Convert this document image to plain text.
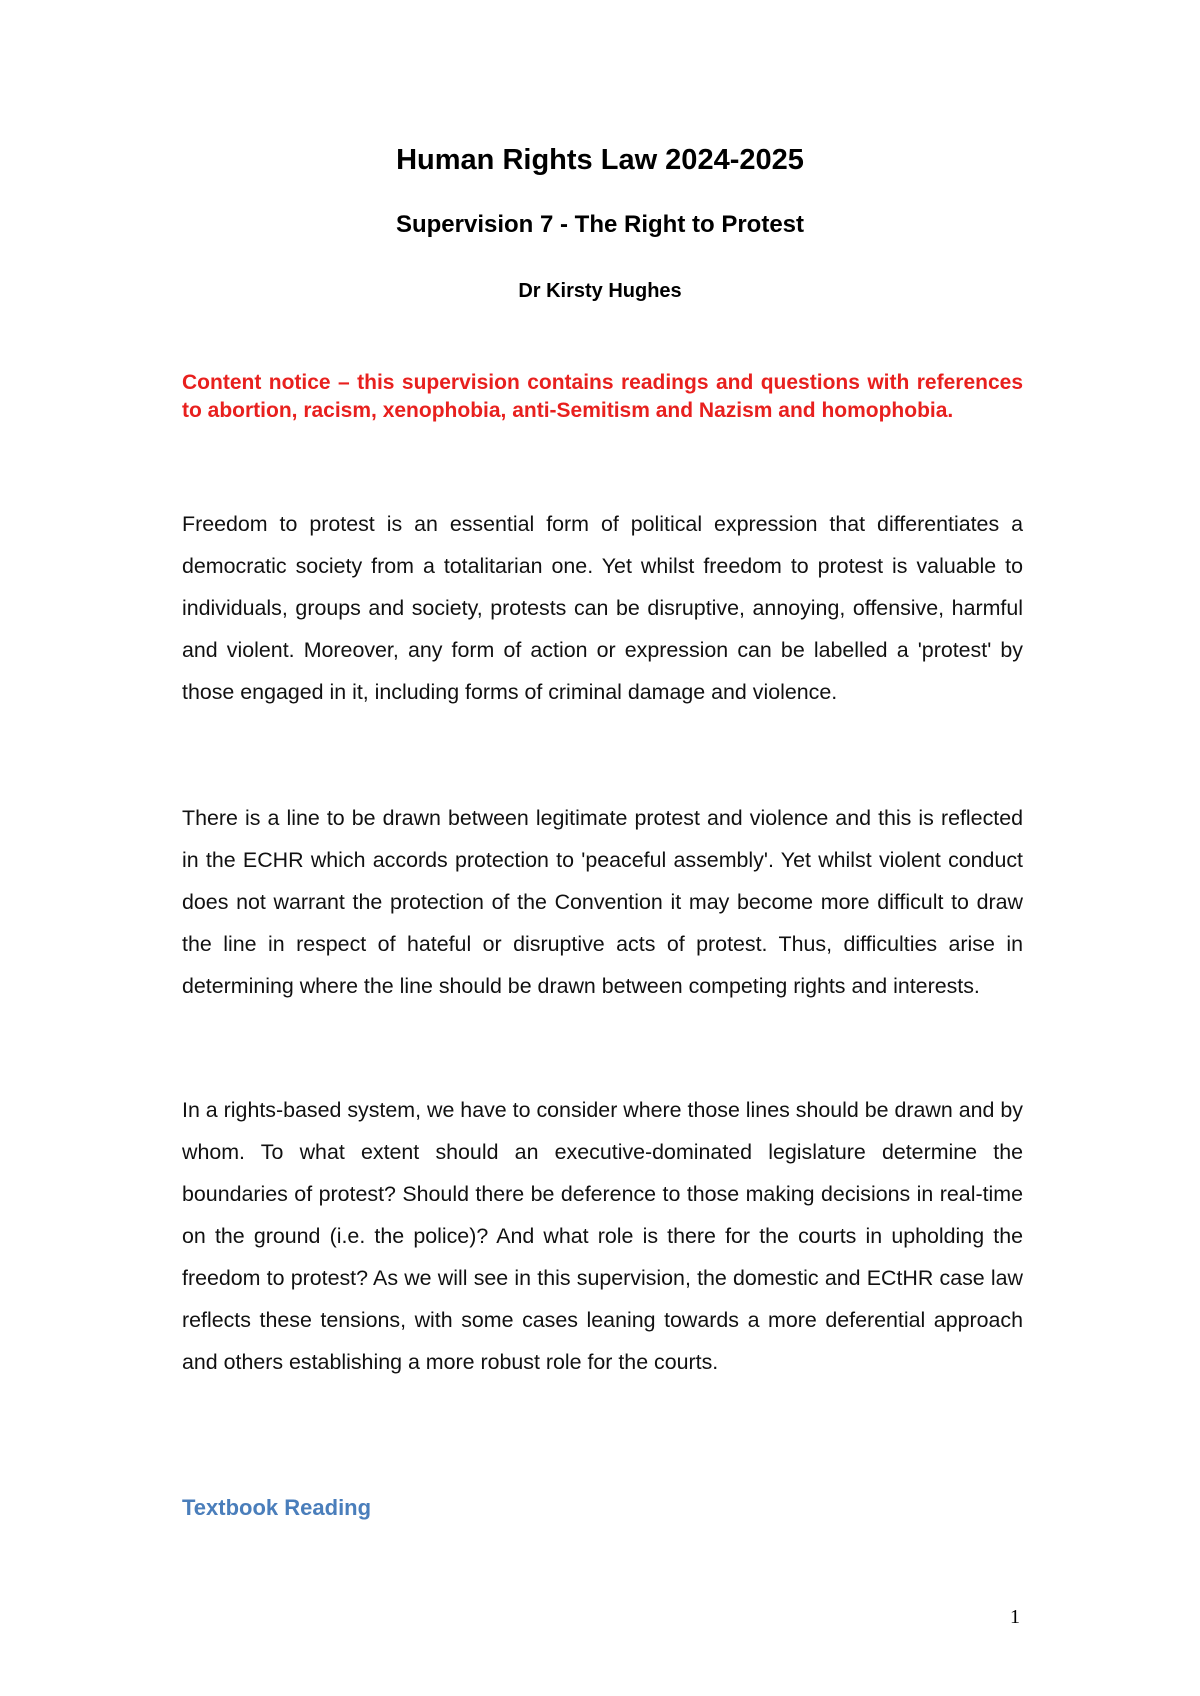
Human Rights Law 2024-2025
Supervision 7 - The Right to Protest
Dr Kirsty Hughes
Content notice – this supervision contains readings and questions with references to abortion, racism, xenophobia, anti-Semitism and Nazism and homophobia.
Freedom to protest is an essential form of political expression that differentiates a democratic society from a totalitarian one. Yet whilst freedom to protest is valuable to individuals, groups and society, protests can be disruptive, annoying, offensive, harmful and violent. Moreover, any form of action or expression can be labelled a 'protest' by those engaged in it, including forms of criminal damage and violence.
There is a line to be drawn between legitimate protest and violence and this is reflected in the ECHR which accords protection to 'peaceful assembly'. Yet whilst violent conduct does not warrant the protection of the Convention it may become more difficult to draw the line in respect of hateful or disruptive acts of protest. Thus, difficulties arise in determining where the line should be drawn between competing rights and interests.
In a rights-based system, we have to consider where those lines should be drawn and by whom. To what extent should an executive-dominated legislature determine the boundaries of protest? Should there be deference to those making decisions in real-time on the ground (i.e. the police)? And what role is there for the courts in upholding the freedom to protest? As we will see in this supervision, the domestic and ECtHR case law reflects these tensions, with some cases leaning towards a more deferential approach and others establishing a more robust role for the courts.
Textbook Reading
1
